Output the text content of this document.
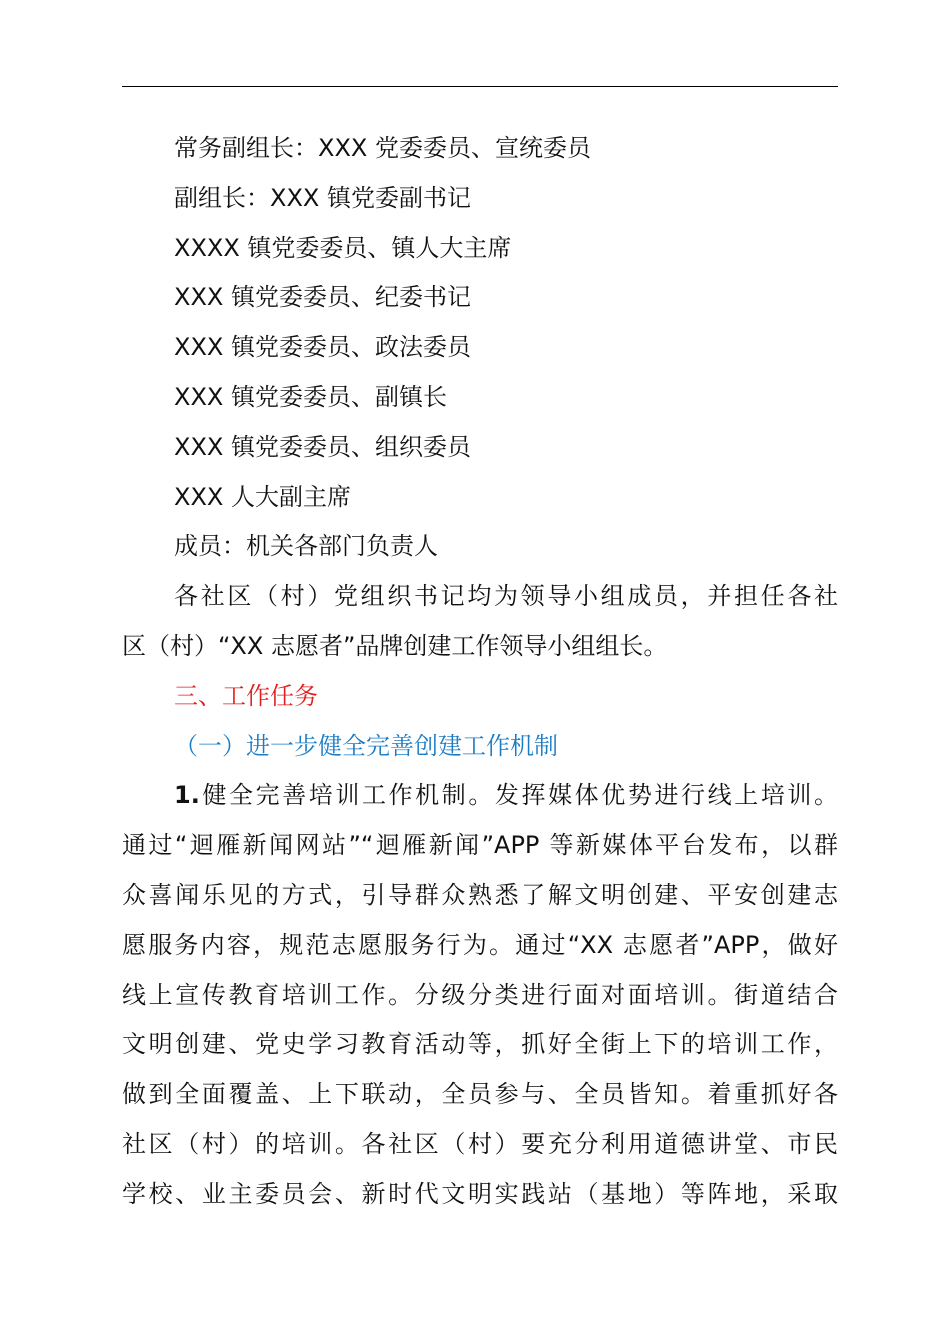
常务副组长：XXX 党委委员、宣统委员
副组长：XXX 镇党委副书记
XXXX 镇党委委员、镇人大主席
XXX 镇党委委员、纪委书记
XXX 镇党委委员、政法委员
XXX 镇党委委员、副镇长
XXX 镇党委委员、组织委员
XXX 人大副主席
成员：机关各部门负责人
各社区（村）党组织书记均为领导小组成员，并担任各社
区（村）“XX 志愿者”品牌创建工作领导小组组长。
三、工作任务
（一）进一步健全完善创建工作机制
1.健全完善培训工作机制。发挥媒体优势进行线上培训。
通过“迴雁新闻网站”“迴雁新闻”APP 等新媒体平台发布，以群
众喜闻乐见的方式，引导群众熟悉了解文明创建、平安创建志
愿服务内容，规范志愿服务行为。通过“XX 志愿者”APP，做好
线上宣传教育培训工作。分级分类进行面对面培训。街道结合
文明创建、党史学习教育活动等，抓好全街上下的培训工作，
做到全面覆盖、上下联动，全员参与、全员皆知。着重抓好各
社区（村）的培训。各社区（村）要充分利用道德讲堂、市民
学校、业主委员会、新时代文明实践站（基地）等阵地，采取
